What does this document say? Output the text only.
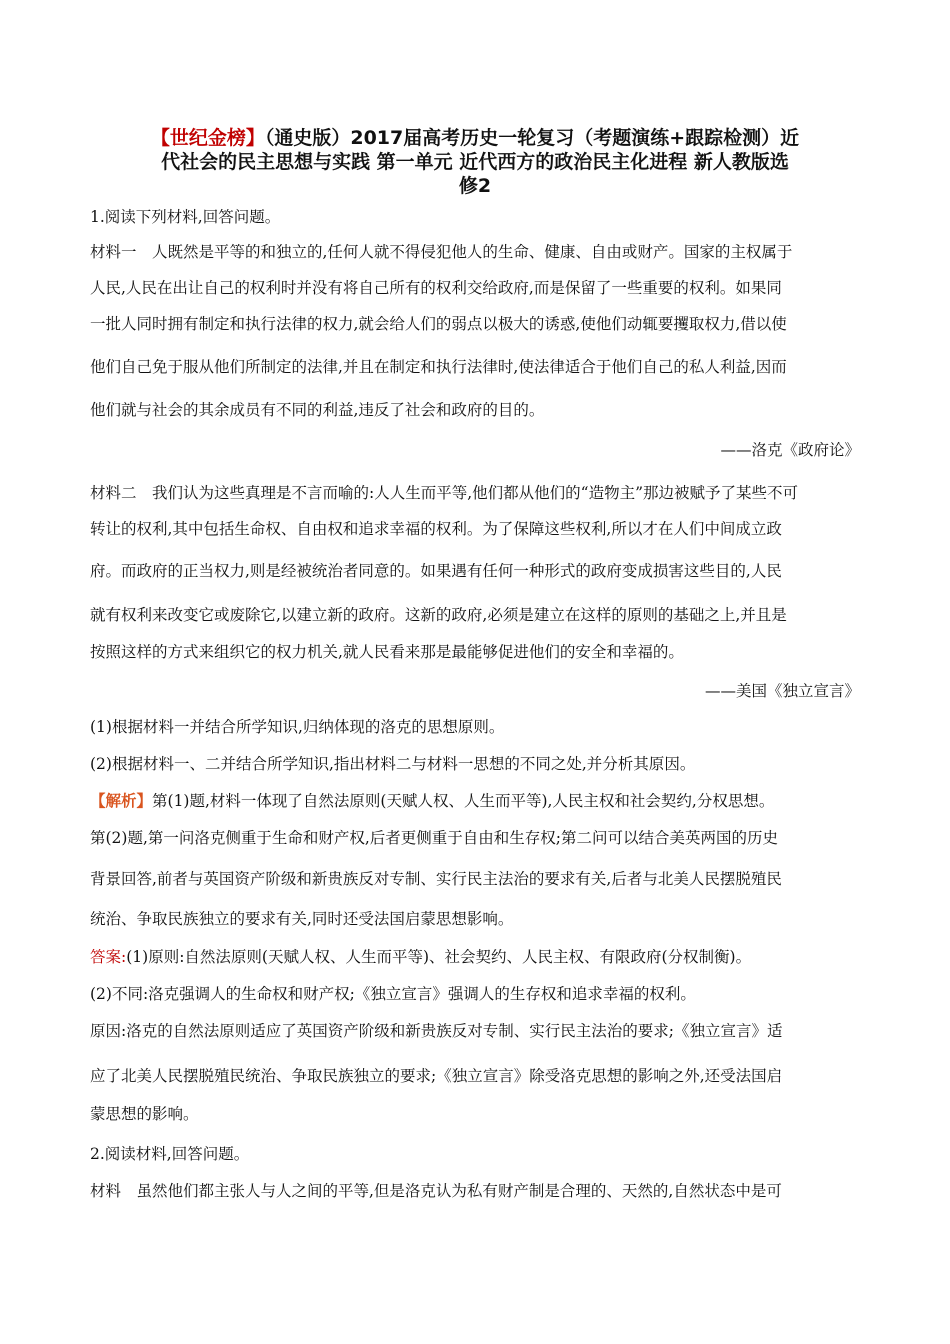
【世纪金榜】（通史版）2017届高考历史一轮复习（考题演练+跟踪检测）近
代社会的民主思想与实践 第一单元 近代西方的政治民主化进程 新人教版选
修2
1.阅读下列材料,回答问题。
材料一　人既然是平等的和独立的,任何人就不得侵犯他人的生命、健康、自由或财产。国家的主权属于
人民,人民在出让自己的权利时并没有将自己所有的权利交给政府,而是保留了一些重要的权利。如果同
一批人同时拥有制定和执行法律的权力,就会给人们的弱点以极大的诱惑,使他们动辄要攫取权力,借以使
他们自己免于服从他们所制定的法律,并且在制定和执行法律时,使法律适合于他们自己的私人利益,因而
他们就与社会的其余成员有不同的利益,违反了社会和政府的目的。
——洛克《政府论》
材料二　我们认为这些真理是不言而喻的:人人生而平等,他们都从他们的“造物主”那边被赋予了某些不可
转让的权利,其中包括生命权、自由权和追求幸福的权利。为了保障这些权利,所以才在人们中间成立政
府。而政府的正当权力,则是经被统治者同意的。如果遇有任何一种形式的政府变成损害这些目的,人民
就有权利来改变它或废除它,以建立新的政府。这新的政府,必须是建立在这样的原则的基础之上,并且是
按照这样的方式来组织它的权力机关,就人民看来那是最能够促进他们的安全和幸福的。
——美国《独立宣言》
(1)根据材料一并结合所学知识,归纳体现的洛克的思想原则。
(2)根据材料一、二并结合所学知识,指出材料二与材料一思想的不同之处,并分析其原因。
【解析】第(1)题,材料一体现了自然法原则(天赋人权、人生而平等),人民主权和社会契约,分权思想。
第(2)题,第一问洛克侧重于生命和财产权,后者更侧重于自由和生存权;第二问可以结合美英两国的历史
背景回答,前者与英国资产阶级和新贵族反对专制、实行民主法治的要求有关,后者与北美人民摆脱殖民
统治、争取民族独立的要求有关,同时还受法国启蒙思想影响。
答案:(1)原则:自然法原则(天赋人权、人生而平等)、社会契约、人民主权、有限政府(分权制衡)。
(2)不同:洛克强调人的生命权和财产权;《独立宣言》强调人的生存权和追求幸福的权利。
原因:洛克的自然法原则适应了英国资产阶级和新贵族反对专制、实行民主法治的要求;《独立宣言》适
应了北美人民摆脱殖民统治、争取民族独立的要求;《独立宣言》除受洛克思想的影响之外,还受法国启
蒙思想的影响。
2.阅读材料,回答问题。
材料　虽然他们都主张人与人之间的平等,但是洛克认为私有财产制是合理的、天然的,自然状态中是可
